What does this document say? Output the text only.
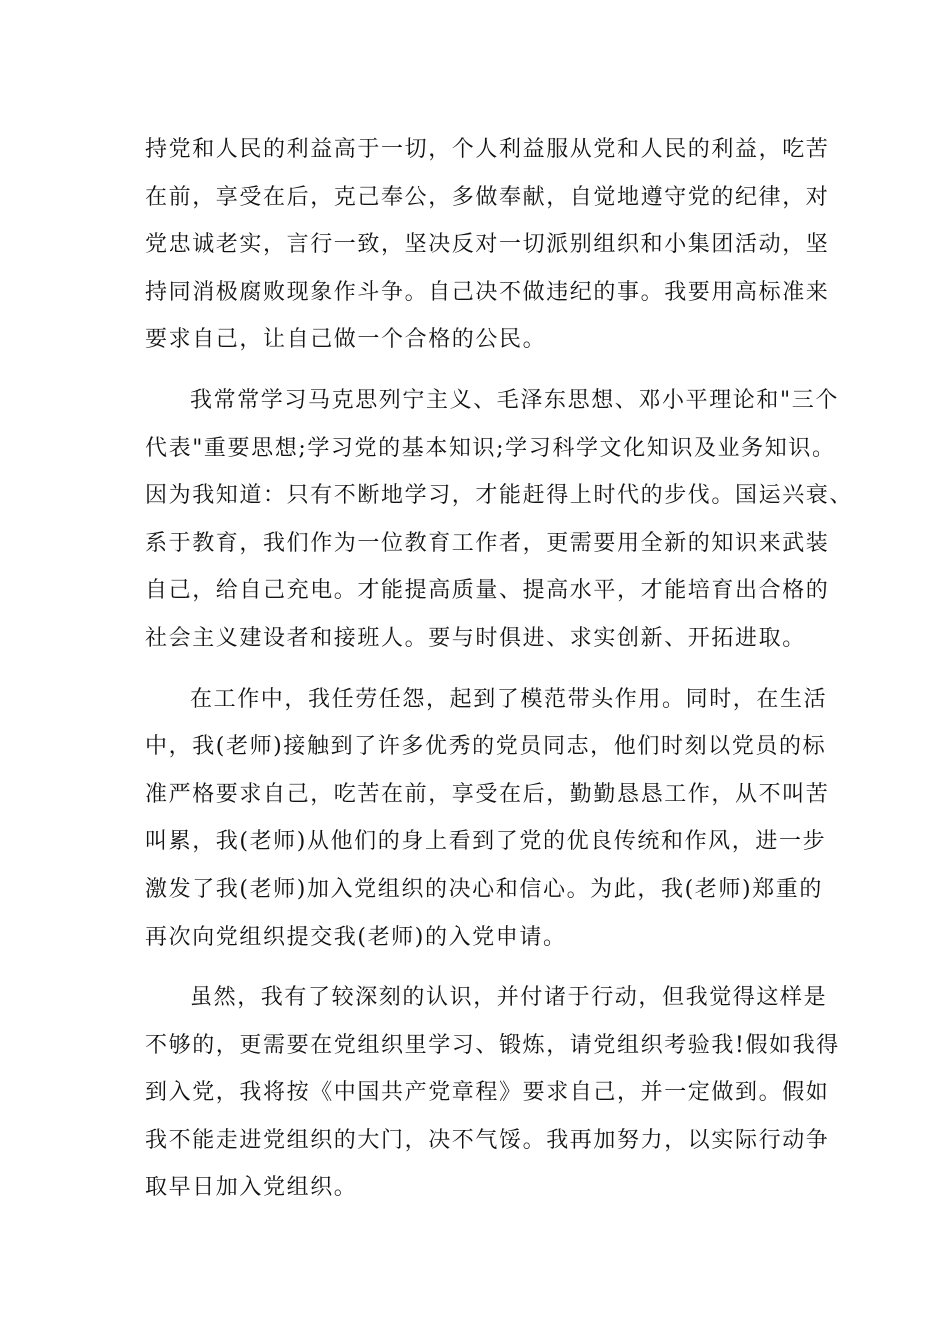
持党和人民的利益高于一切，个人利益服从党和人民的利益，吃苦
在前，享受在后，克己奉公，多做奉献，自觉地遵守党的纪律，对
党忠诚老实，言行一致，坚决反对一切派别组织和小集团活动，坚
持同消极腐败现象作斗争。自己决不做违纪的事。我要用高标准来
要求自己，让自己做一个合格的公民。

我常常学习马克思列宁主义、毛泽东思想、邓小平理论和"三个
代表"重要思想;学习党的基本知识;学习科学文化知识及业务知识。
因为我知道：只有不断地学习，才能赶得上时代的步伐。国运兴衰、
系于教育，我们作为一位教育工作者，更需要用全新的知识来武装
自己，给自己充电。才能提高质量、提高水平，才能培育出合格的
社会主义建设者和接班人。要与时俱进、求实创新、开拓进取。

在工作中，我任劳任怨，起到了模范带头作用。同时，在生活
中，我(老师)接触到了许多优秀的党员同志，他们时刻以党员的标
准严格要求自己，吃苦在前，享受在后，勤勤恳恳工作，从不叫苦
叫累，我(老师)从他们的身上看到了党的优良传统和作风，进一步
激发了我(老师)加入党组织的决心和信心。为此，我(老师)郑重的
再次向党组织提交我(老师)的入党申请。

虽然，我有了较深刻的认识，并付诸于行动，但我觉得这样是
不够的，更需要在党组织里学习、锻炼，请党组织考验我!假如我得
到入党，我将按《中国共产党章程》要求自己，并一定做到。假如
我不能走进党组织的大门，决不气馁。我再加努力，以实际行动争
取早日加入党组织。
